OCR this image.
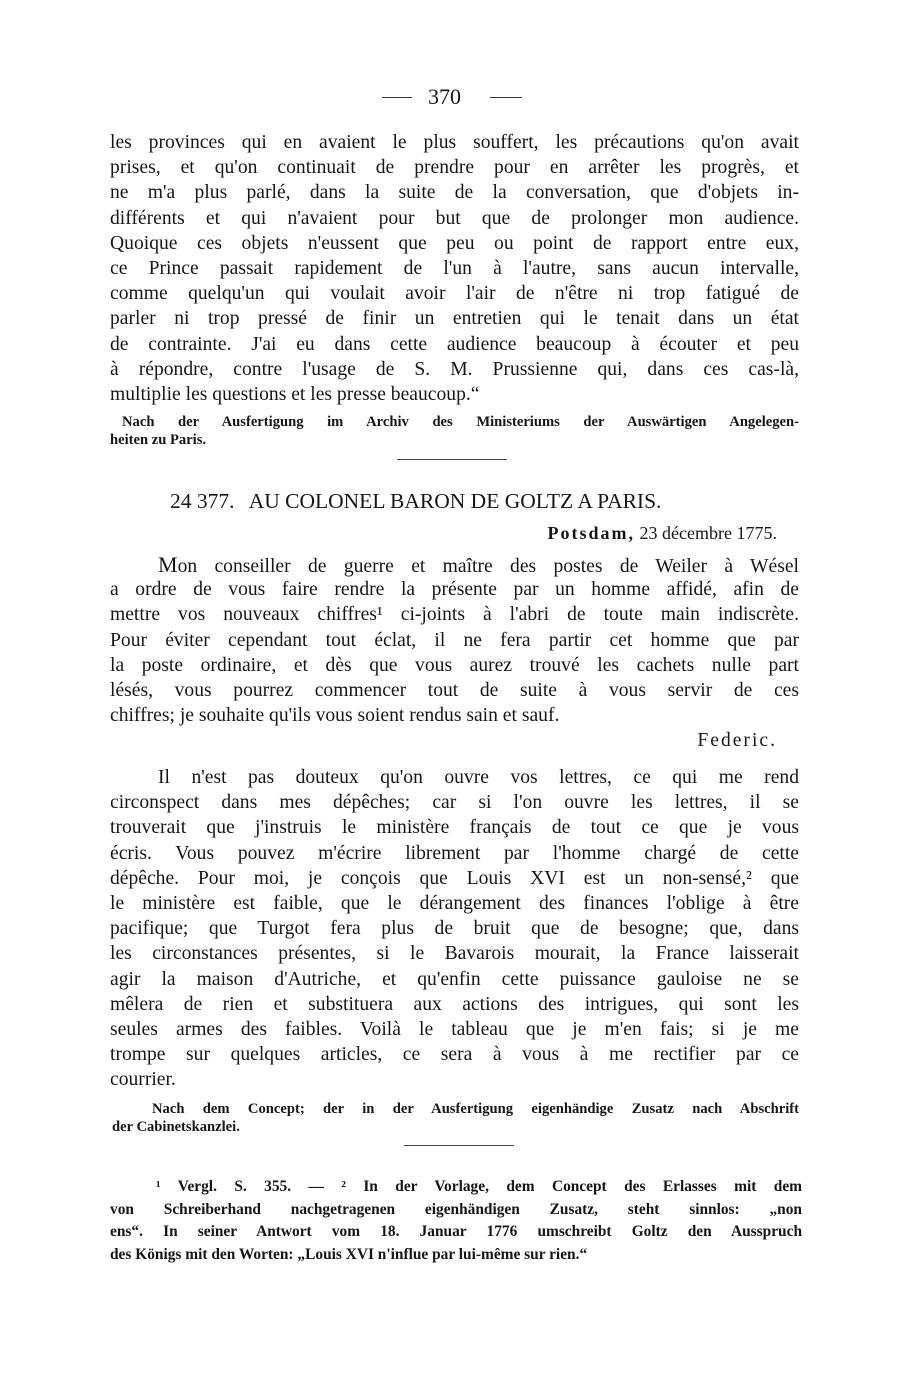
370
les provinces qui en avaient le plus souffert, les précautions qu'on avait
prises, et qu'on continuait de prendre pour en arrêter les progrès, et
ne m'a plus parlé, dans la suite de la conversation, que d'objets in-
différents et qui n'avaient pour but que de prolonger mon audience.
Quoique ces objets n'eussent que peu ou point de rapport entre eux,
ce Prince passait rapidement de l'un à l'autre, sans aucun intervalle,
comme quelqu'un qui voulait avoir l'air de n'être ni trop fatigué de
parler ni trop pressé de finir un entretien qui le tenait dans un état
de contrainte. J'ai eu dans cette audience beaucoup à écouter et peu
à répondre, contre l'usage de S. M. Prussienne qui, dans ces cas-là,
multiplie les questions et les presse beaucoup.“
Nach der Ausfertigung im Archiv des Ministeriums der Auswärtigen Angelegen-
heiten zu Paris.
24 377. AU COLONEL BARON DE GOLTZ A PARIS.
Potsdam, 23 décembre 1775.
Mon conseiller de guerre et maître des postes de Weiler à Wésel
a ordre de vous faire rendre la présente par un homme affidé, afin de
mettre vos nouveaux chiffres¹ ci-joints à l'abri de toute main indiscrète.
Pour éviter cependant tout éclat, il ne fera partir cet homme que par
la poste ordinaire, et dès que vous aurez trouvé les cachets nulle part
lésés, vous pourrez commencer tout de suite à vous servir de ces
chiffres; je souhaite qu'ils vous soient rendus sain et sauf.
Federic.
Il n'est pas douteux qu'on ouvre vos lettres, ce qui me rend
circonspect dans mes dépêches; car si l'on ouvre les lettres, il se
trouverait que j'instruis le ministère français de tout ce que je vous
écris. Vous pouvez m'écrire librement par l'homme chargé de cette
dépêche. Pour moi, je conçois que Louis XVI est un non-sensé,² que
le ministère est faible, que le dérangement des finances l'oblige à être
pacifique; que Turgot fera plus de bruit que de besogne; que, dans
les circonstances présentes, si le Bavarois mourait, la France laisserait
agir la maison d'Autriche, et qu'enfin cette puissance gauloise ne se
mêlera de rien et substituera aux actions des intrigues, qui sont les
seules armes des faibles. Voilà le tableau que je m'en fais; si je me
trompe sur quelques articles, ce sera à vous à me rectifier par ce
courrier.
Nach dem Concept; der in der Ausfertigung eigenhändige Zusatz nach Abschrift
der Cabinetskanzlei.
¹ Vergl. S. 355. — ² In der Vorlage, dem Concept des Erlasses mit dem
von Schreiberhand nachgetragenen eigenhändigen Zusatz, steht sinnlos: „non
ens“. In seiner Antwort vom 18. Januar 1776 umschreibt Goltz den Ausspruch
des Königs mit den Worten: „Louis XVI n'influe par lui-même sur rien.“
